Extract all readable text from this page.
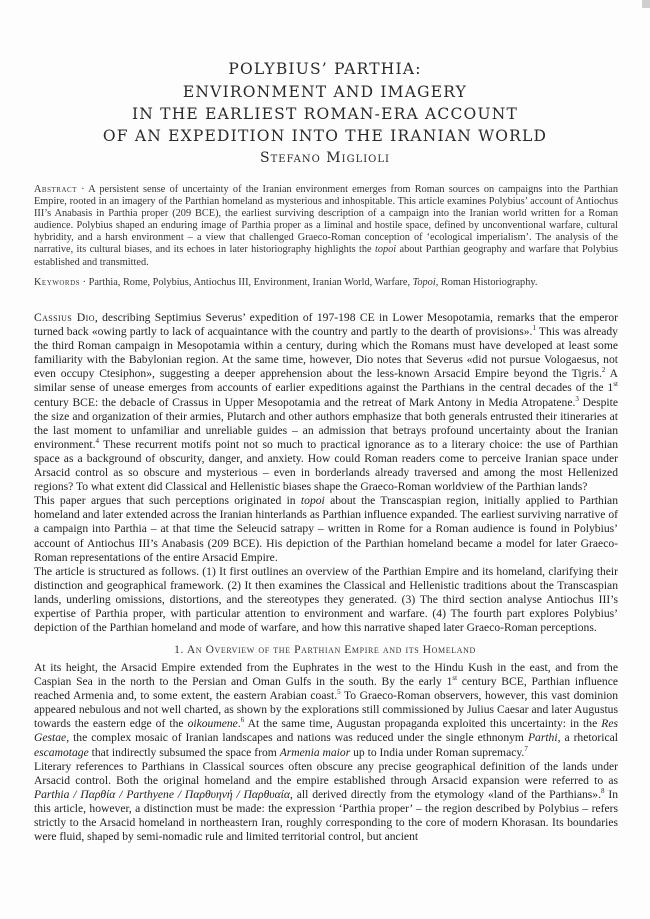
POLYBIUS’ PARTHIA:
ENVIRONMENT AND IMAGERY
IN THE EARLIEST ROMAN-ERA ACCOUNT
OF AN EXPEDITION INTO THE IRANIAN WORLD
Stefano Miglioli
Abstract · A persistent sense of uncertainty of the Iranian environment emerges from Roman sources on campaigns into the Parthian Empire, rooted in an imagery of the Parthian homeland as mysterious and inhospitable. This article examines Polybius’ account of Antiochus III’s Anabasis in Parthia proper (209 BCE), the earliest surviving description of a campaign into the Iranian world written for a Roman audience. Polybius shaped an enduring image of Parthia proper as a liminal and hostile space, defined by unconventional warfare, cultural hybridity, and a harsh environment – a view that challenged Graeco-Roman conception of ‘ecological imperialism’. The analysis of the narrative, its cultural biases, and its echoes in later historiography highlights the topoi about Parthian geography and warfare that Polybius established and transmitted.
Keywords · Parthia, Rome, Polybius, Antiochus III, Environment, Iranian World, Warfare, Topoi, Roman Historiography.

Cassius Dio, describing Septimius Severus’ expedition of 197-198 CE in Lower Mesopotamia, remarks that the emperor turned back «owing partly to lack of acquaintance with the country and partly to the dearth of provisions».$^1$ This was already the third Roman campaign in Mesopotamia within a century, during which the Romans must have developed at least some familiarity with the Babylonian region. At the same time, however, Dio notes that Severus «did not pursue Vologaesus, not even occupy Ctesiphon», suggesting a deeper apprehension about the less-known Arsacid Empire beyond the Tigris.$^2$ A similar sense of unease emerges from accounts of earlier expeditions against the Parthians in the central decades of the 1st century BCE: the debacle of Crassus in Upper Mesopotamia and the retreat of Mark Antony in Media Atropatene.$^3$ Despite the size and organization of their armies, Plutarch and other authors emphasize that both generals entrusted their itineraries at the last moment to unfamiliar and unreliable guides – an admission that betrays profound uncertainty about the Iranian environment.$^4$ These recurrent motifs point not so much to practical ignorance as to a literary choice: the use of Parthian space as a background of obscurity, danger, and anxiety. How could Roman readers come to perceive Iranian space under Arsacid control as so obscure and mysterious – even in borderlands already traversed and among the most Hellenized regions? To what extent did Classical and Hellenistic biases shape the Graeco-Roman worldview of the Parthian lands?

This paper argues that such perceptions originated in topoi about the Transcaspian region, initially applied to Parthian homeland and later extended across the Iranian hinterlands as Parthian influence expanded. The earliest surviving narrative of a campaign into Parthia – at that time the Seleucid satrapy – written in Rome for a Roman audience is found in Polybius’ account of Antiochus III’s Anabasis (209 BCE). His depiction of the Parthian homeland became a model for later Graeco-Roman representations of the entire Arsacid Empire.

The article is structured as follows. (1) It first outlines an overview of the Parthian Empire and its homeland, clarifying their distinction and geographical framework. (2) It then examines the Classical and Hellenistic traditions about the Transcaspian lands, underling omissions, distortions, and the stereotypes they generated. (3) The third section analyse Antiochus III’s expertise of Parthia proper, with particular attention to environment and warfare. (4) The fourth part explores Polybius’ depiction of the Parthian homeland and mode of warfare, and how this narrative shaped later Graeco-Roman perceptions.

1. An Overview of the Parthian Empire and its Homeland

At its height, the Arsacid Empire extended from the Euphrates in the west to the Hindu Kush in the east, and from the Caspian Sea in the north to the Persian and Oman Gulfs in the south. By the early 1st century BCE, Parthian influence reached Armenia and, to some extent, the eastern Arabian coast.$^5$ To Graeco-Roman observers, however, this vast dominion appeared nebulous and not well charted, as shown by the explorations still commissioned by Julius Caesar and later Augustus towards the eastern edge of the oikoumene.$^6$ At the same time, Augustan propaganda exploited this uncertainty: in the Res Gestae, the complex mosaic of Iranian landscapes and nations was reduced under the single ethnonym Parthi, a rhetorical escamotage that indirectly subsumed the space from Armenia maior up to India under Roman supremacy.$^7$

Literary references to Parthians in Classical sources often obscure any precise geographical definition of the lands under Arsacid control. Both the original homeland and the empire established through Arsacid expansion were referred to as Parthia / Παρθία / Parthyene / Παρθυηνή / Παρθυαία, all derived directly from the etymology «land of the Parthians».$^8$ In this article, however, a distinction must be made: the expression ‘Parthia proper’ – the region described by Polybius – refers strictly to the Arsacid homeland in northeastern Iran, roughly corresponding to the core of modern Khorasan. Its boundaries were fluid, shaped by semi-nomadic rule and limited territorial control, but ancient
